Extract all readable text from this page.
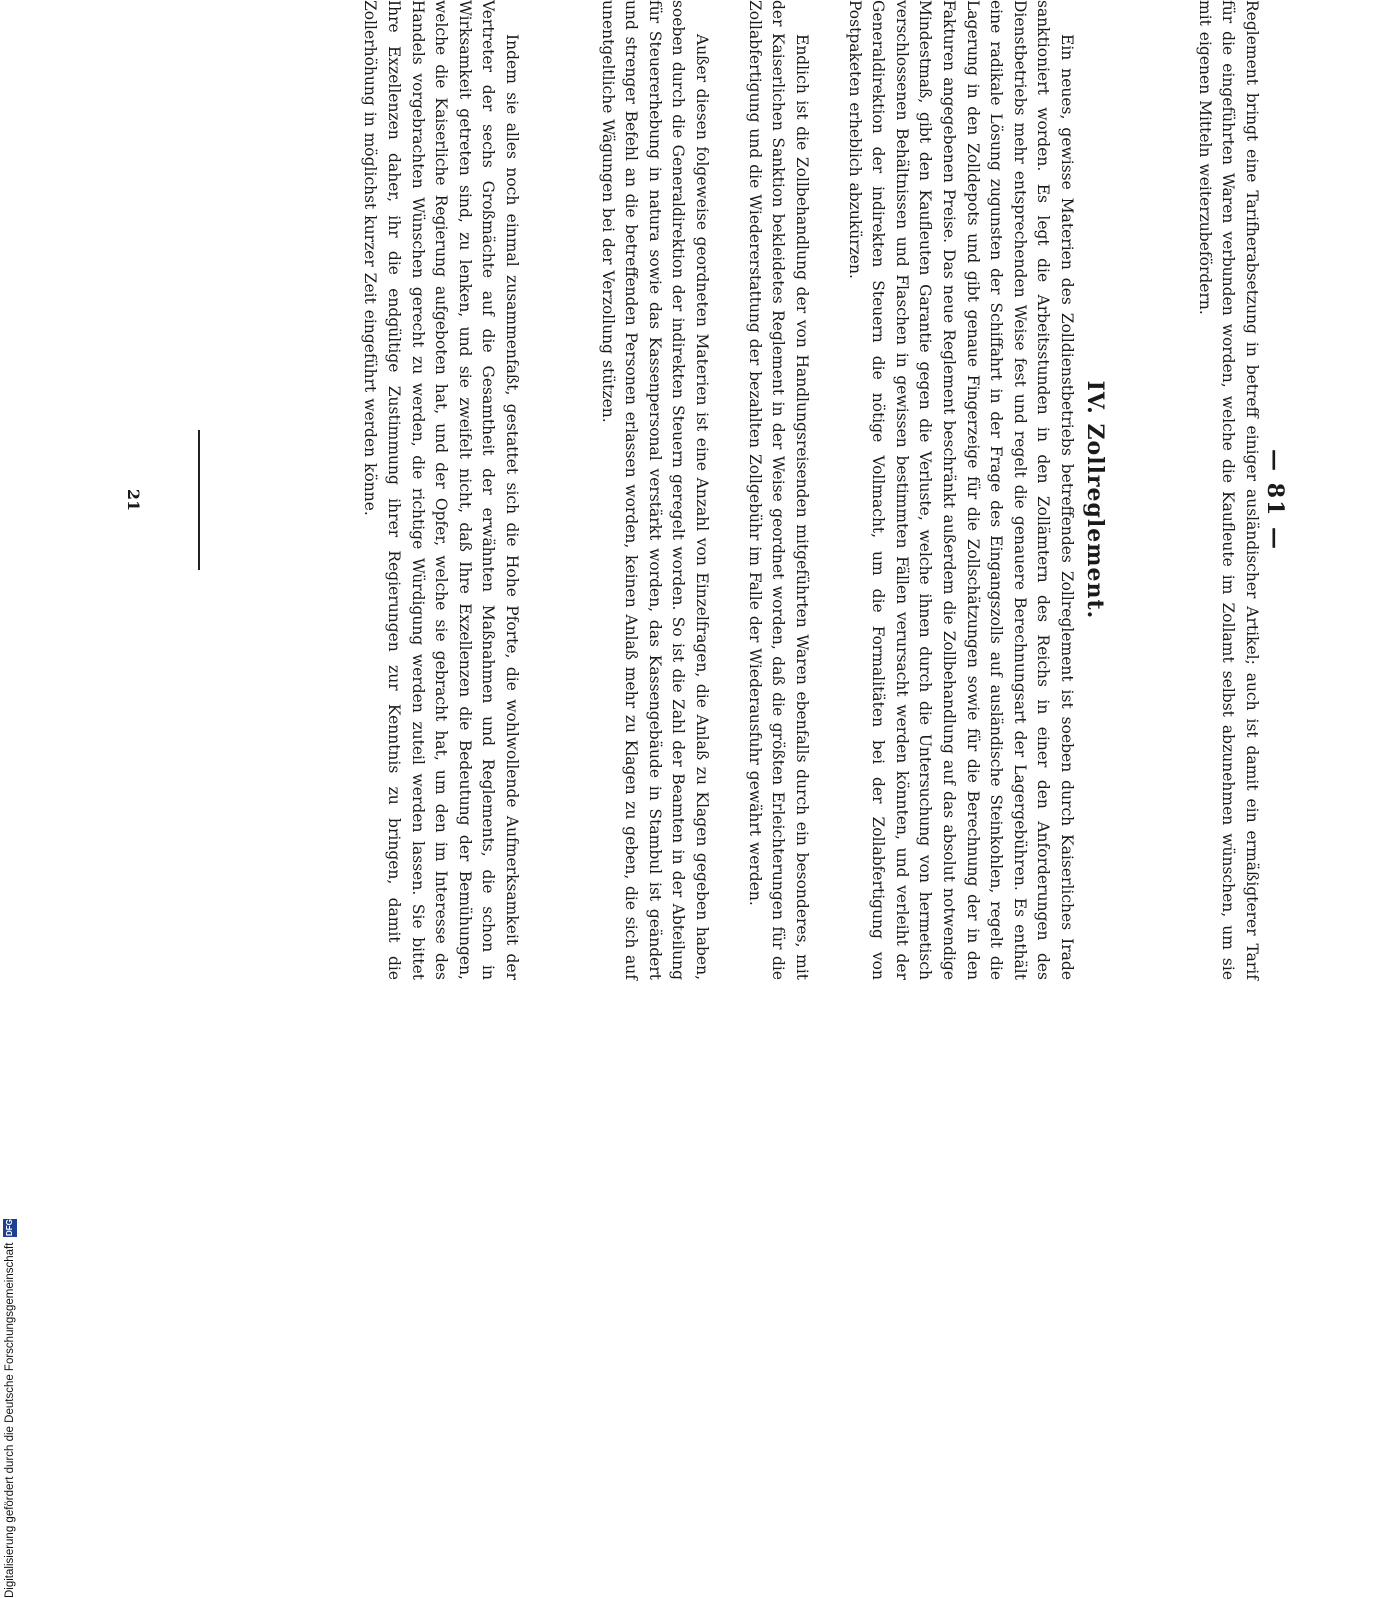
— 81 —
Reglement bringt eine Tarifherabsetzung in betreff einiger ausländischer Artikel; auch ist damit ein ermäßigterer Tarif für die eingeführten Waren verbunden worden, welche die Kaufleute im Zollamt selbst abzunehmen wünschen, um sie mit eigenen Mitteln weiterzubefördern.
IV. Zollreglement.
Ein neues, gewisse Materien des Zolldienstbetriebs betreffendes Zollreglement ist soeben durch Kaiserliches Irade sanktioniert worden. Es legt die Arbeitsstunden in den Zollämtern des Reichs in einer den Anforderungen des Dienstbetriebs mehr entsprechenden Weise fest und regelt die genauere Berechnungsart der Lagergebühren. Es enthält eine radikale Lösung zugunsten der Schiffahrt in der Frage des Eingangszolls auf ausländische Steinkohlen, regelt die Lagerung in den Zolldepots und gibt genaue Fingerzeige für die Zollschätzungen sowie für die Berechnung der in den Fakturen angegebenen Preise. Das neue Reglement beschränkt außerdem die Zollbehandlung auf das absolut notwendige Mindestmaß, gibt den Kaufleuten Garantie gegen die Verluste, welche ihnen durch die Untersuchung von hermetisch verschlossenen Behältnissen und Flaschen in gewissen bestimmten Fällen verursacht werden könnten, und verleiht der Generaldirektion der indirekten Steuern die nötige Vollmacht, um die Formalitäten bei der Zollabfertigung von Postpaketen erheblich abzukürzen.
Endlich ist die Zollbehandlung der von Handlungsreisenden mitgeführten Waren ebenfalls durch ein besonderes, mit der Kaiserlichen Sanktion bekleidetes Reglement in der Weise geordnet worden, daß die größten Erleichterungen für die Zollabfertigung und die Wiedererstattung der bezahlten Zollgebühr im Falle der Wiederausfuhr gewährt werden.
Außer diesen folgeweise geordneten Materien ist eine Anzahl von Einzelfragen, die Anlaß zu Klagen gegeben haben, soeben durch die Generaldirektion der indirekten Steuern geregelt worden. So ist die Zahl der Beamten in der Abteilung für Steuererhebung in naturа sowie das Kassenpersonal verstärkt worden, das Kassengebäude in Stambul ist geändert und strenger Befehl an die betreffenden Personen erlassen worden, keinen Anlaß mehr zu Klagen zu geben, die sich auf unentgeltliche Wägungen bei der Verzollung stützen.
Indem sie alles noch einmal zusammenfaßt, gestattet sich die Hohe Pforte, die wohlwollende Aufmerksamkeit der Vertreter der sechs Großmächte auf die Gesamtheit der erwähnten Maßnahmen und Reglements, die schon in Wirksamkeit getreten sind, zu lenken, und sie zweifelt nicht, daß Ihre Exzellenzen die Bedeutung der Bemühungen, welche die Kaiserliche Regierung aufgeboten hat, und der Opfer, welche sie gebracht hat, um den im Interesse des Handels vorgebrachten Wünschen gerecht zu werden, die richtige Würdigung werden zuteil werden lassen. Sie bittet Ihre Exzellenzen daher, ihr die endgültige Zustimmung ihrer Regierungen zur Kenntnis zu bringen, damit die Zollerhöhung in möglichst kurzer Zeit eingeführt werden könne.
21
Digitalisierung gefördert durch die Deutsche Forschungsgemeinschaft
DFG
